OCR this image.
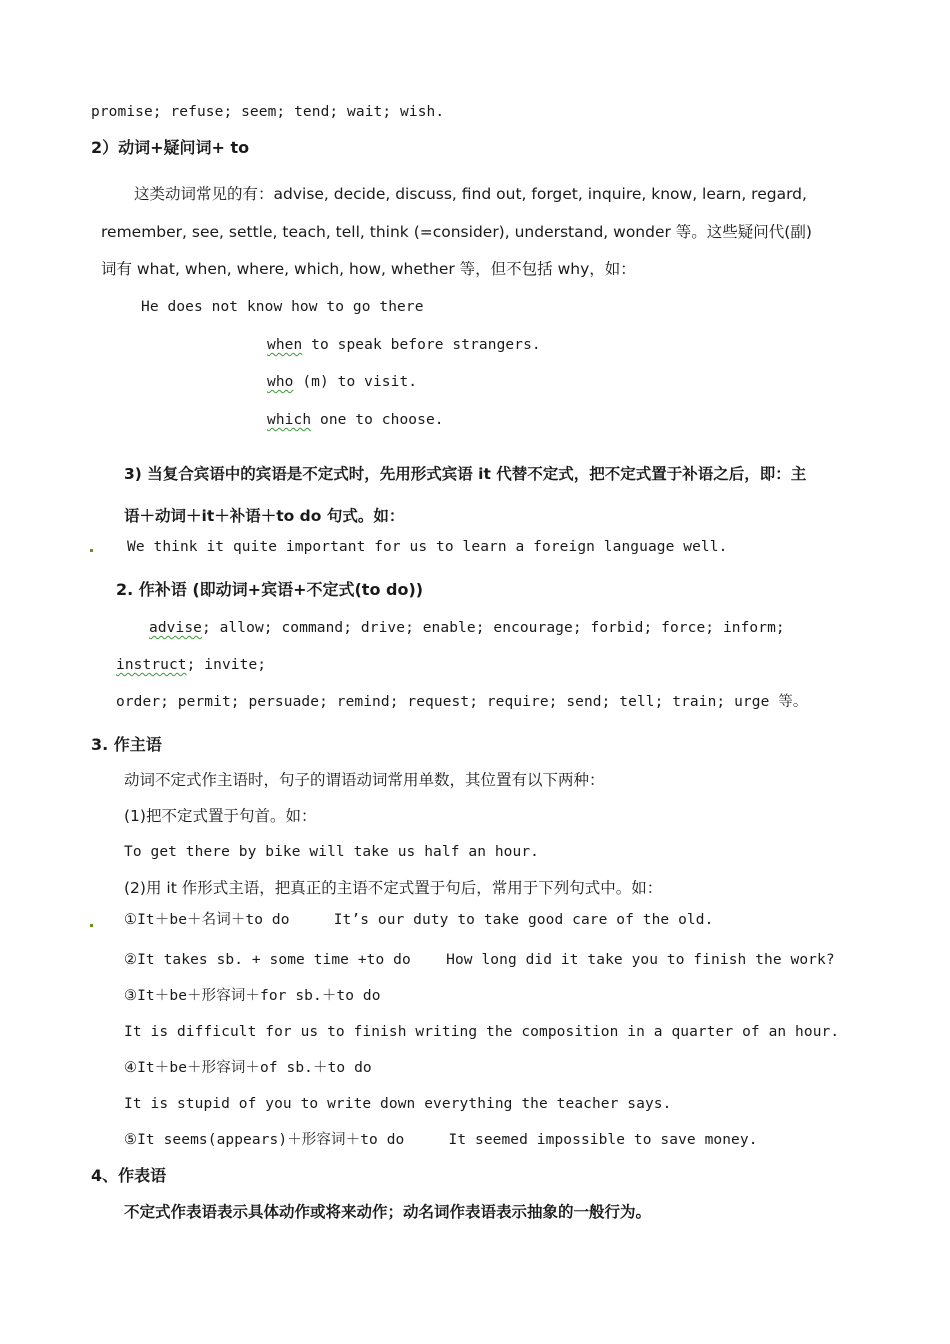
promise; refuse; seem; tend; wait; wish.
2）动词+疑问词+ to
这类动词常见的有：advise, decide, discuss, find out, forget, inquire, know, learn, regard,
remember, see, settle, teach, tell, think (=consider), understand, wonder 等。这些疑问代(副)
词有 what, when, where, which, how, whether 等，但不包括 why，如：
He does not know how to go there
when to speak before strangers.
who (m) to visit.
which one to choose.
3) 当复合宾语中的宾语是不定式时，先用形式宾语 it 代替不定式，把不定式置于补语之后，即：主
语＋动词＋it＋补语＋to do 句式。如：
We think it quite important for us to learn a foreign language well.
2. 作补语 (即动词+宾语+不定式(to do))
advise; allow; command; drive; enable; encourage; forbid; force; inform;
instruct; invite;
order; permit; persuade; remind; request; require; send; tell; train; urge 等。
3. 作主语
动词不定式作主语时，句子的谓语动词常用单数，其位置有以下两种：
(1)把不定式置于句首。如：
To get there by bike will take us half an hour.
(2)用 it 作形式主语，把真正的主语不定式置于句后，常用于下列句式中。如：
①It＋be＋名词＋to do     It’s our duty to take good care of the old.
②It takes sb. + some time +to do    How long did it take you to finish the work?
③It＋be＋形容词＋for sb.＋to do
It is difficult for us to finish writing the composition in a quarter of an hour.
④It＋be＋形容词＋of sb.＋to do
It is stupid of you to write down everything the teacher says.
⑤It seems(appears)＋形容词＋to do     It seemed impossible to save money.
4、作表语
不定式作表语表示具体动作或将来动作；动名词作表语表示抽象的一般行为。
